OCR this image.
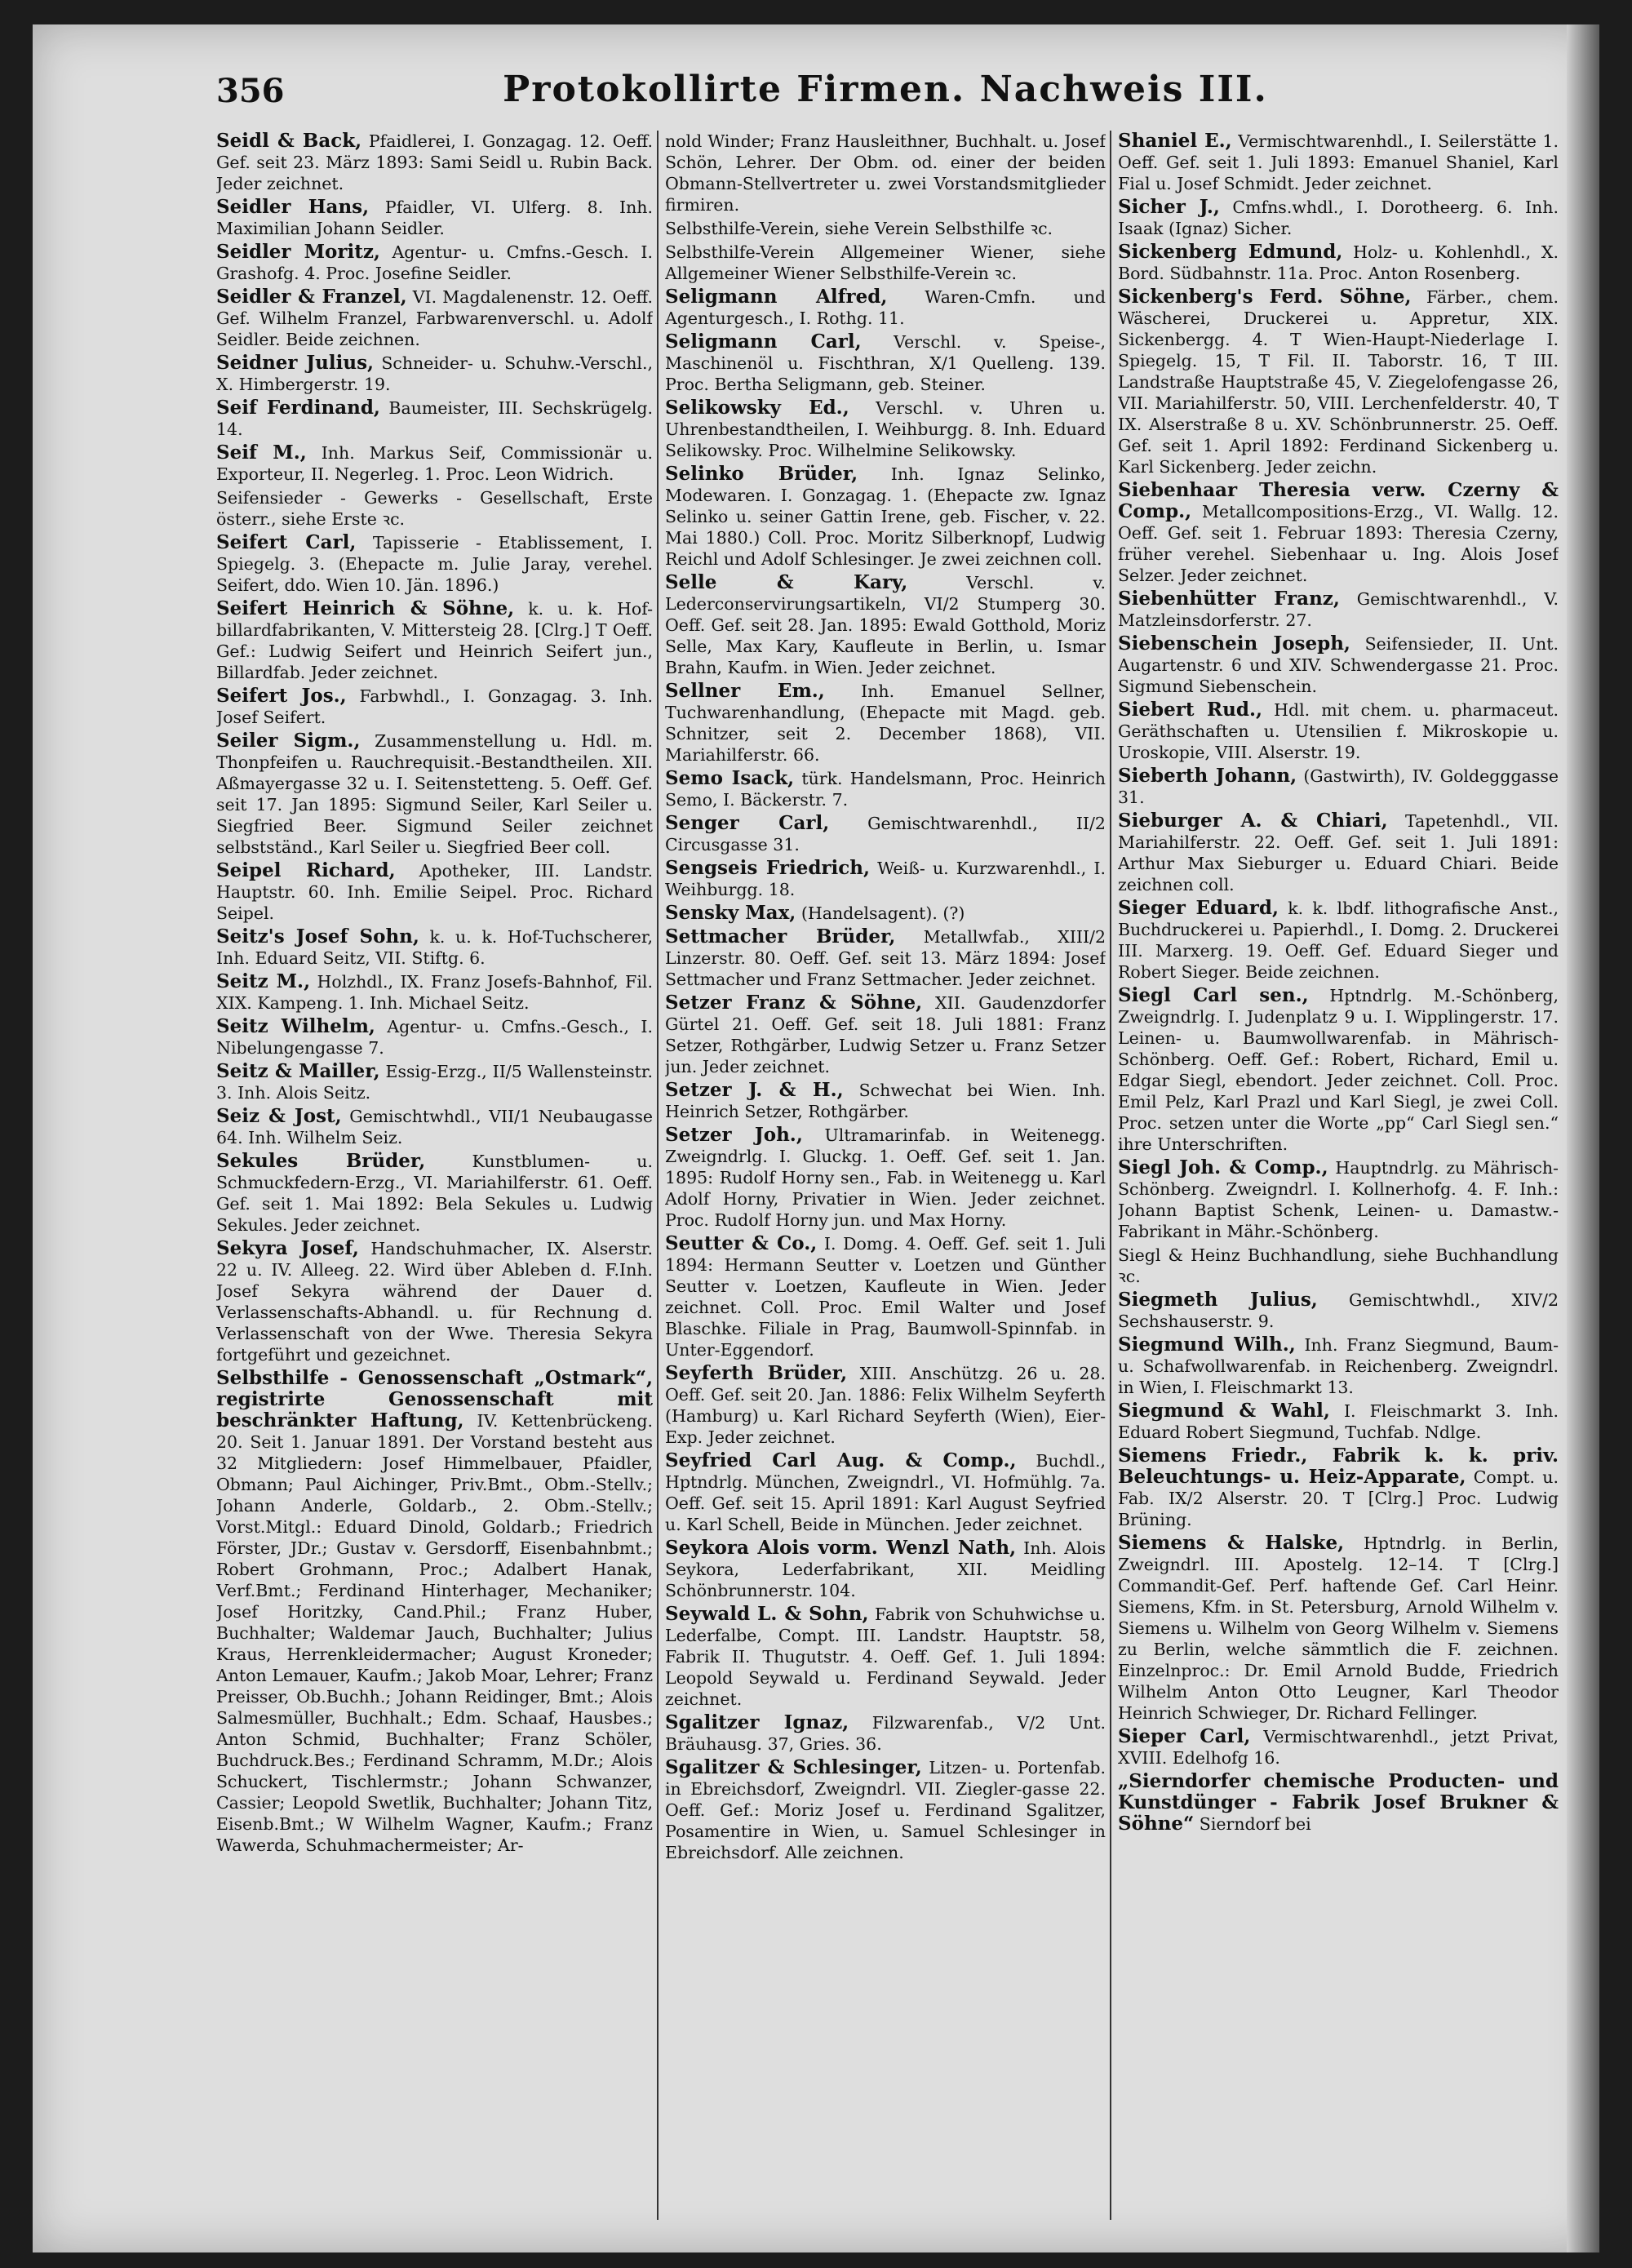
356	Protokollirte Firmen. Nachweis III.

Seidl & Back, Pfaidlerei, I. Gonzagag. 12. Oeff. Gef. seit 23. März 1893: Sami Seidl u. Rubin Back. Jeder zeichnet.

Seidler Hans, Pfaidler, VI. Ulferg. 8. Inh. Maximilian Johann Seidler.

Seidler Moritz, Agentur- u. Cmfns.-Gesch. I. Grashofg. 4. Proc. Josefine Seidler.

Seidler & Franzel, VI. Magdalenenstr. 12. Oeff. Gef. Wilhelm Franzel, Farbwarenverschl. u. Adolf Seidler. Beide zeichnen.

Seidner Julius, Schneider- u. Schuhw.-Verschl., X. Himbergerstr. 19.

Seif Ferdinand, Baumeister, III. Sechskrügelg. 14.

Seif M., Inh. Markus Seif, Commissionär u. Exporteur, II. Negerleg. 1. Proc. Leon Widrich.

Seifensieder - Gewerks - Gesellschaft, Erste österr., siehe Erste ꝛc.

Seifert Carl, Tapisserie - Etablissement, I. Spiegelg. 3. (Ehepacte m. Julie Jaray, verehel. Seifert, ddo. Wien 10. Jän. 1896.)

Seifert Heinrich & Söhne, k. u. k. Hof-billardfabrikanten, V. Mittersteig 28. [Clrg.] T Oeff. Gef.: Ludwig Seifert und Heinrich Seifert jun., Billardfab. Jeder zeichnet.

Seifert Jos., Farbwhdl., I. Gonzagag. 3. Inh. Josef Seifert.

Seiler Sigm., Zusammenstellung u. Hdl. m. Thonpfeifen u. Rauchrequisit.-Bestandtheilen. XII. Aßmayergasse 32 u. I. Seitenstetteng. 5. Oeff. Gef. seit 17. Jan 1895: Sigmund Seiler, Karl Seiler u. Siegfried Beer. Sigmund Seiler zeichnet selbstständ., Karl Seiler u. Siegfried Beer coll.

Seipel Richard, Apotheker, III. Landstr. Hauptstr. 60. Inh. Emilie Seipel. Proc. Richard Seipel.

Seitz's Josef Sohn, k. u. k. Hof-Tuchscherer, Inh. Eduard Seitz, VII. Stiftg. 6.

Seitz M., Holzhdl., IX. Franz Josefs-Bahnhof, Fil. XIX. Kampeng. 1. Inh. Michael Seitz.

Seitz Wilhelm, Agentur- u. Cmfns.-Gesch., I. Nibelungengasse 7.

Seitz & Mailler, Essig-Erzg., II/5 Wallensteinstr. 3. Inh. Alois Seitz.

Seiz & Jost, Gemischtwhdl., VII/1 Neubaugasse 64. Inh. Wilhelm Seiz.

Sekules Brüder,	Kunstblumen- u. Schmuckfedern-Erzg., VI. Mariahilferstr. 61. Oeff. Gef. seit 1. Mai 1892: Bela Sekules u. Ludwig Sekules. Jeder zeichnet.

Sekyra Josef, Handschuhmacher, IX. Alserstr. 22 u. IV. Alleeg. 22. Wird über Ableben d. F.Inh. Josef Sekyra während der Dauer d. Verlassenschafts-Abhandl. u. für Rechnung d. Verlassenschaft von der Wwe. Theresia Sekyra fortgeführt und gezeichnet.

Selbsthilfe - Genossenschaft „Ostmark“, registrirte Genossenschaft mit beschränkter Haftung, IV. Kettenbrückeng. 20. Seit 1. Januar 1891. Der Vorstand besteht aus 32 Mitgliedern: Josef Himmelbauer, Pfaidler, Obmann; Paul Aichinger, Priv.Bmt., Obm.-Stellv.; Johann Anderle, Goldarb., 2. Obm.-Stellv.; Vorst.Mitgl.: Eduard Dinold, Goldarb.; Friedrich Förster, JDr.; Gustav v. Gersdorff, Eisenbahnbmt.; Robert Grohmann, Proc.; Adalbert Hanak, Verf.Bmt.; Ferdinand Hinterhager, Mechaniker; Josef Horitzky, Cand.Phil.; Franz Huber, Buchhalter; Waldemar Jauch, Buchhalter; Julius Kraus, Herrenkleidermacher; August Kroneder; Anton Lemauer, Kaufm.; Jakob Moar, Lehrer; Franz Preisser, Ob.Buchh.; Johann Reidinger, Bmt.; Alois Salmesmüller, Buchhalt.; Edm. Schaaf, Hausbes.; Anton Schmid, Buchhalter; Franz Schöler, Buchdruck.Bes.; Ferdinand Schramm, M.Dr.; Alois Schuckert, Tischlermstr.; Johann Schwanzer, Cassier; Leopold Swetlik, Buchhalter; Johann Titz, Eisenb.Bmt.; W Wilhelm Wagner, Kaufm.; Franz Wawerda, Schuhmachermeister; Ar-

nold Winder; Franz Hausleithner, Buchhalt. u. Josef Schön, Lehrer. Der Obm. od. einer der beiden Obmann-Stellvertreter u. zwei Vorstandsmitglieder firmiren.

Selbsthilfe-Verein, siehe Verein Selbsthilfe ꝛc.

Selbsthilfe-Verein Allgemeiner Wiener, siehe Allgemeiner Wiener Selbsthilfe-Verein ꝛc.

Seligmann Alfred, Waren-Cmfn. und Agenturgesch., I. Rothg. 11.

Seligmann Carl, Verschl. v. Speise-, Maschinenöl u. Fischthran, X/1 Quelleng. 139. Proc. Bertha Seligmann, geb. Steiner.

Selikowsky Ed., Verschl. v. Uhren u. Uhrenbestandtheilen, I. Weihburgg. 8. Inh. Eduard Selikowsky. Proc. Wilhelmine Selikowsky.

Selinko Brüder, Inh. Ignaz Selinko, Modewaren. I. Gonzagag. 1. (Ehepacte zw. Ignaz Selinko u. seiner Gattin Irene, geb. Fischer, v. 22. Mai 1880.) Coll. Proc. Moritz Silberknopf, Ludwig Reichl und Adolf Schlesinger. Je zwei zeichnen coll.

Selle & Kary,	Verschl. v. Lederconservirungsartikeln, VI/2 Stumperg 30. Oeff. Gef. seit 28. Jan. 1895: Ewald Gotthold, Moriz Selle, Max Kary, Kaufleute in Berlin, u. Ismar Brahn, Kaufm. in Wien. Jeder zeichnet.

Sellner Em., Inh. Emanuel Sellner, Tuchwarenhandlung, (Ehepacte mit Magd. geb. Schnitzer, seit 2. December 1868), VII. Mariahilferstr. 66.

Semo Isack, türk. Handelsmann, Proc. Heinrich Semo, I. Bäckerstr. 7.

Senger Carl, Gemischtwarenhdl., II/2 Circusgasse 31.

Sengseis Friedrich, Weiß- u. Kurzwarenhdl., I. Weihburgg. 18.

Sensky Max, (Handelsagent). (?)

Settmacher Brüder, Metallwfab., XIII/2 Linzerstr. 80. Oeff. Gef. seit 13. März 1894: Josef Settmacher und Franz Settmacher. Jeder zeichnet.

Setzer Franz & Söhne, XII. Gaudenzdorfer Gürtel 21. Oeff. Gef. seit 18. Juli 1881: Franz Setzer, Rothgärber, Ludwig Setzer u. Franz Setzer jun. Jeder zeichnet.

Setzer J. & H., Schwechat bei Wien. Inh. Heinrich Setzer, Rothgärber.

Setzer Joh., Ultramarinfab. in Weitenegg. Zweigndrlg. I. Gluckg. 1. Oeff. Gef. seit 1. Jan. 1895: Rudolf Horny sen., Fab. in Weitenegg u. Karl Adolf Horny, Privatier in Wien. Jeder zeichnet. Proc. Rudolf Horny jun. und Max Horny.

Seutter & Co., I. Domg. 4. Oeff. Gef. seit 1. Juli 1894: Hermann Seutter v. Loetzen und Günther Seutter v. Loetzen, Kaufleute in Wien. Jeder zeichnet. Coll. Proc. Emil Walter und Josef Blaschke. Filiale in Prag, Baumwoll-Spinnfab. in Unter-Eggendorf.

Seyferth Brüder, XIII. Anschützg. 26 u. 28. Oeff. Gef. seit 20. Jan. 1886: Felix Wilhelm Seyferth (Hamburg) u. Karl Richard Seyferth (Wien), Eier-Exp. Jeder zeichnet.

Seyfried Carl Aug. & Comp., Buchdl., Hptndrlg. München, Zweigndrl., VI. Hofmühlg. 7a. Oeff. Gef. seit 15. April 1891: Karl August Seyfried u. Karl Schell, Beide in München. Jeder zeichnet.

Seykora Alois vorm. Wenzl Nath, Inh. Alois Seykora, Lederfabrikant, XII. Meidling Schönbrunnerstr. 104.

Seywald L. & Sohn, Fabrik von Schuhwichse u. Lederfalbe, Compt. III. Landstr. Hauptstr. 58, Fabrik II. Thugutstr. 4. Oeff. Gef. 1. Juli 1894: Leopold Seywald u. Ferdinand Seywald. Jeder zeichnet.

Sgalitzer Ignaz, Filzwarenfab., V/2 Unt. Bräuhausg. 37, Gries. 36.

Sgalitzer & Schlesinger, Litzen- u. Portenfab. in Ebreichsdorf, Zweigndrl. VII. Ziegler-gasse 22. Oeff. Gef.: Moriz Josef u. Ferdinand Sgalitzer, Posamentire in Wien, u. Samuel Schlesinger in Ebreichsdorf. Alle zeichnen.

Shaniel E., Vermischtwarenhdl., I. Seilerstätte 1. Oeff. Gef. seit 1. Juli 1893: Emanuel Shaniel, Karl Fial u. Josef Schmidt. Jeder zeichnet.

Sicher J., Cmfns.whdl., I. Dorotheerg. 6. Inh. Isaak (Ignaz) Sicher.

Sickenberg Edmund, Holz- u. Kohlenhdl., X. Bord. Südbahnstr. 11a. Proc. Anton Rosenberg.

Sickenberg's Ferd. Söhne, Färber., chem. Wäscherei, Druckerei u. Appretur, XIX. Sickenbergg. 4. T Wien-Haupt-Niederlage I. Spiegelg. 15, T Fil. II. Taborstr. 16, T III. Landstraße Hauptstraße 45, V. Ziegelofengasse 26, VII. Mariahilferstr. 50, VIII. Lerchenfelderstr. 40, T IX. Alserstraße 8 u. XV. Schönbrunnerstr. 25. Oeff. Gef. seit 1. April 1892: Ferdinand Sickenberg u. Karl Sickenberg. Jeder zeichn.

Siebenhaar Theresia verw. Czerny & Comp., Metallcompositions-Erzg., VI. Wallg. 12. Oeff. Gef. seit 1. Februar 1893: Theresia Czerny, früher verehel. Siebenhaar u. Ing. Alois Josef Selzer. Jeder zeichnet.

Siebenhütter Franz, Gemischtwarenhdl., V. Matzleinsdorferstr. 27.

Siebenschein Joseph, Seifensieder, II. Unt. Augartenstr. 6 und XIV. Schwendergasse 21. Proc. Sigmund Siebenschein.

Siebert Rud., Hdl. mit chem. u. pharmaceut. Geräthschaften u. Utensilien f. Mikroskopie u. Uroskopie, VIII. Alserstr. 19.

Sieberth Johann, (Gastwirth), IV. Goldegggasse 31.

Sieburger A. & Chiari, Tapetenhdl., VII. Mariahilferstr. 22. Oeff. Gef. seit 1. Juli 1891: Arthur Max Sieburger u. Eduard Chiari. Beide zeichnen coll.

Sieger Eduard, k. k. lbdf. lithografische Anst., Buchdruckerei u. Papierhdl., I. Domg. 2. Druckerei III. Marxerg. 19. Oeff. Gef. Eduard Sieger und Robert Sieger. Beide zeichnen.

Siegl Carl sen., Hptndrlg. M.-Schönberg, Zweigndrlg. I. Judenplatz 9 u. I. Wipplingerstr. 17. Leinen- u. Baumwollwarenfab. in Mährisch-Schönberg. Oeff. Gef.: Robert, Richard, Emil u. Edgar Siegl, ebendort. Jeder zeichnet. Coll. Proc. Emil Pelz, Karl Prazl und Karl Siegl, je zwei Coll. Proc. setzen unter die Worte „pp“ Carl Siegl sen.“ ihre Unterschriften.

Siegl Joh. & Comp., Hauptndrlg. zu Mährisch-Schönberg. Zweigndrl. I. Kollnerhofg. 4. F. Inh.: Johann Baptist Schenk, Leinen- u. Damastw.-Fabrikant in Mähr.-Schönberg.

Siegl & Heinz Buchhandlung, siehe Buchhandlung ꝛc.

Siegmeth Julius, Gemischtwhdl., XIV/2 Sechshauserstr. 9.

Siegmund Wilh., Inh. Franz Siegmund, Baum- u. Schafwollwarenfab. in Reichenberg. Zweigndrl. in Wien, I. Fleischmarkt 13.

Siegmund & Wahl, I. Fleischmarkt 3. Inh. Eduard Robert Siegmund, Tuchfab. Ndlge.

Siemens Friedr., Fabrik k. k. priv. Beleuchtungs- u. Heiz-Apparate, Compt. u. Fab. IX/2 Alserstr. 20. T [Clrg.] Proc. Ludwig Brüning.

Siemens & Halske, Hptndrlg. in Berlin, Zweigndrl. III. Apostelg. 12–14. T [Clrg.] Commandit-Gef. Perf. haftende Gef. Carl Heinr. Siemens, Kfm. in St. Petersburg, Arnold Wilhelm v. Siemens u. Wilhelm von Georg Wilhelm v. Siemens zu Berlin, welche sämmtlich die F. zeichnen. Einzelnproc.: Dr. Emil Arnold Budde, Friedrich Wilhelm Anton Otto Leugner, Karl Theodor Heinrich Schwieger, Dr. Richard Fellinger.

Sieper Carl, Vermischtwarenhdl., jetzt Privat, XVIII. Edelhofg 16.

„Sierndorfer chemische Producten- und Kunstdünger - Fabrik Josef Brukner & Söhne“ Sierndorf bei
